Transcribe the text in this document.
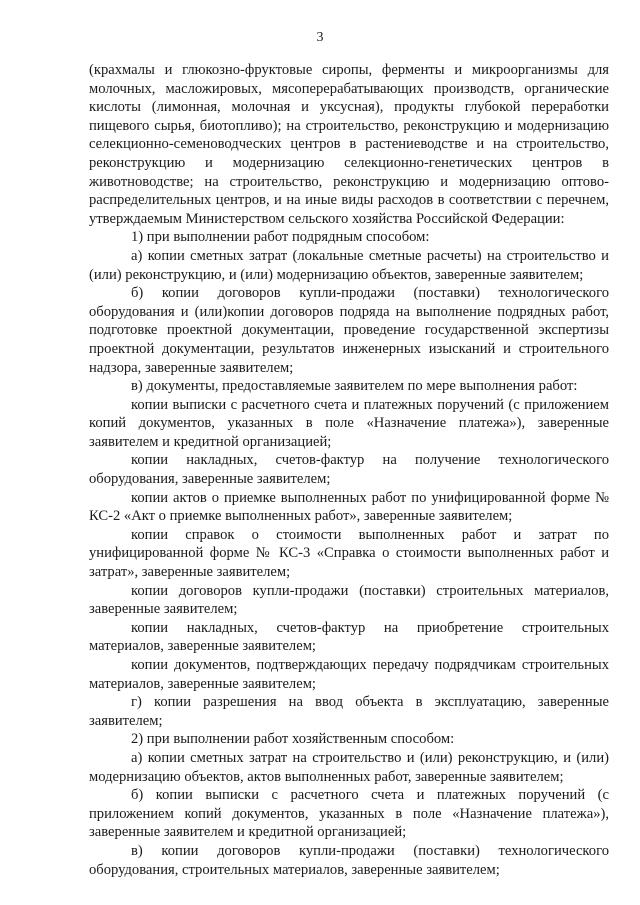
3

(крахмалы и глюкозно-фруктовые сиропы, ферменты и микроорганизмы для молочных, масложировых, мясоперерабатывающих производств, органические кислоты (лимонная, молочная и уксусная), продукты глубокой переработки пищевого сырья, биотопливо); на строительство, реконструкцию и модернизацию селекционно-семеноводческих центров в растениеводстве и на строительство, реконструкцию и модернизацию селекционно-генетических центров в животноводстве; на строительство, реконструкцию и модернизацию оптово-распределительных центров, и на иные виды расходов в соответствии с перечнем, утверждаемым Министерством сельского хозяйства Российской Федерации:

1) при выполнении работ подрядным способом:

а) копии сметных затрат (локальные сметные расчеты) на строительство и (или) реконструкцию, и (или) модернизацию объектов, заверенные заявителем;

б) копии договоров купли-продажи (поставки) технологического оборудования и (или)копии договоров подряда на выполнение подрядных работ, подготовке проектной документации, проведение государственной экспертизы проектной документации, результатов инженерных изысканий и строительного надзора, заверенные заявителем;

в) документы, предоставляемые заявителем по мере выполнения работ:

копии выписки с расчетного счета и платежных поручений (с приложением копий документов, указанных в поле «Назначение платежа»), заверенные заявителем и кредитной организацией;

копии накладных, счетов-фактур на получение технологического оборудования, заверенные заявителем;

копии актов о приемке выполненных работ по унифицированной форме № КС-2 «Акт о приемке выполненных работ», заверенные заявителем;

копии справок о стоимости выполненных работ и затрат по унифицированной форме № КС-3 «Справка о стоимости выполненных работ и затрат», заверенные заявителем;

копии договоров купли-продажи (поставки) строительных материалов, заверенные заявителем;

копии накладных, счетов-фактур на приобретение строительных материалов, заверенные заявителем;

копии документов, подтверждающих передачу подрядчикам строительных материалов, заверенные заявителем;

г) копии разрешения на ввод объекта в эксплуатацию, заверенные заявителем;

2) при выполнении работ хозяйственным способом:

а) копии сметных затрат на строительство и (или) реконструкцию, и (или) модернизацию объектов, актов выполненных работ, заверенные заявителем;

б) копии выписки с расчетного счета и платежных поручений (с приложением копий документов, указанных в поле «Назначение платежа»), заверенные заявителем и кредитной организацией;

в) копии договоров купли-продажи (поставки) технологического оборудования, строительных материалов, заверенные заявителем;
